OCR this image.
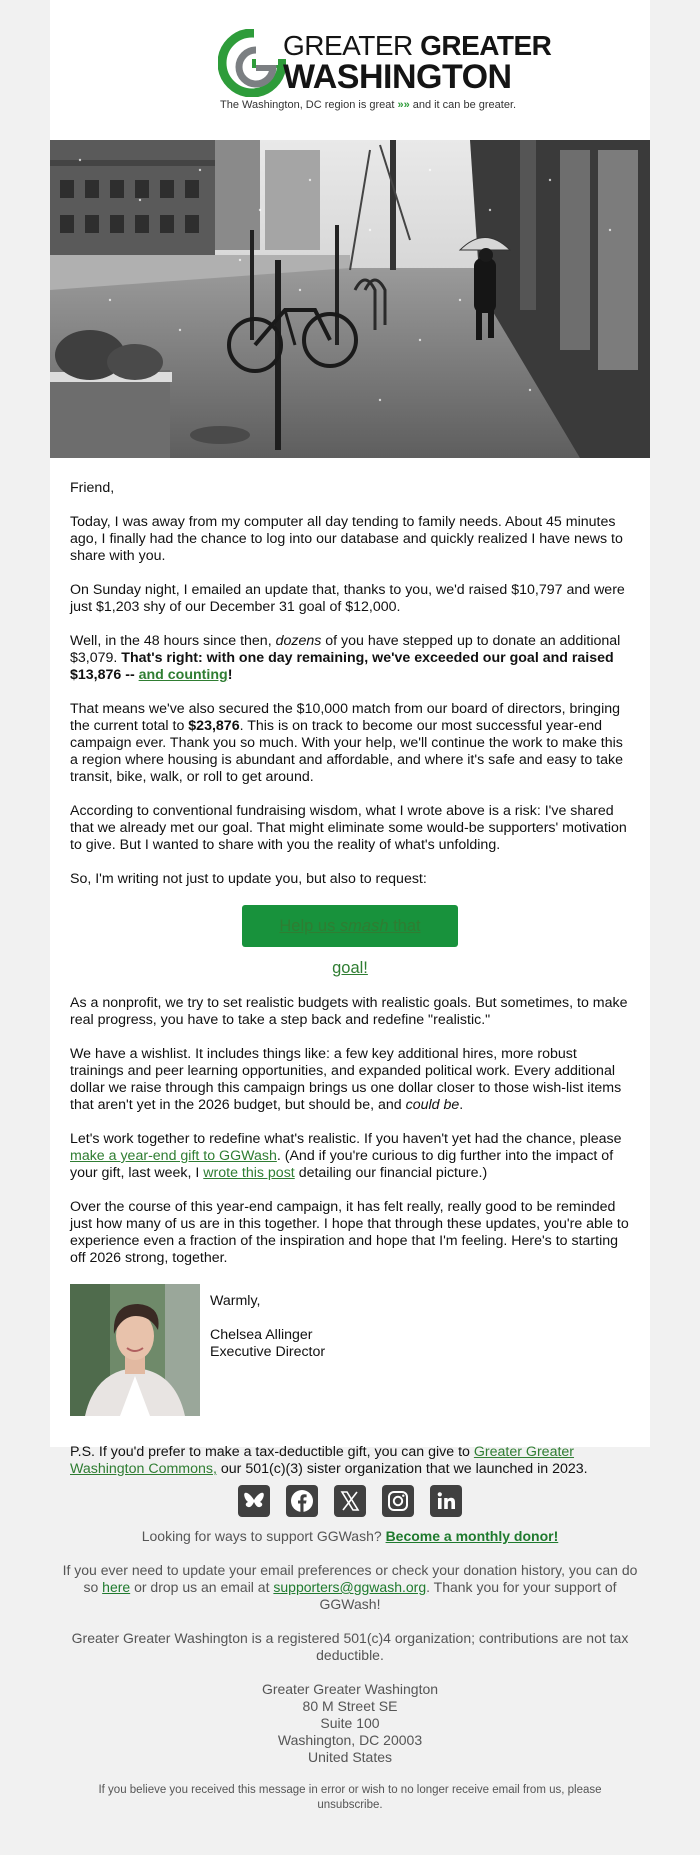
GREATER GREATER
WASHINGTON
The Washington, DC region is great »» and it can be greater.

Friend,

Today, I was away from my computer all day tending to family needs. About 45 minutes ago, I finally had the chance to log into our database and quickly realized I have news to share with you.

On Sunday night, I emailed an update that, thanks to you, we'd raised $10,797 and were just $1,203 shy of our December 31 goal of $12,000.

Well, in the 48 hours since then, dozens of you have stepped up to donate an additional $3,079. That's right: with one day remaining, we've exceeded our goal and raised $13,876 -- and counting!

That means we've also secured the $10,000 match from our board of directors, bringing the current total to $23,876. This is on track to become our most successful year-end campaign ever. Thank you so much. With your help, we'll continue the work to make this a region where housing is abundant and affordable, and where it's safe and easy to take transit, bike, walk, or roll to get around.

According to conventional fundraising wisdom, what I wrote above is a risk: I've shared that we already met our goal. That might eliminate some would-be supporters' motivation to give. But I wanted to share with you the reality of what's unfolding.

So, I'm writing not just to update you, but also to request:

Help us smash that goal!

As a nonprofit, we try to set realistic budgets with realistic goals. But sometimes, to make real progress, you have to take a step back and redefine "realistic."

We have a wishlist. It includes things like: a few key additional hires, more robust trainings and peer learning opportunities, and expanded political work. Every additional dollar we raise through this campaign brings us one dollar closer to those wish-list items that aren't yet in the 2026 budget, but should be, and could be.

Let's work together to redefine what's realistic. If you haven't yet had the chance, please make a year-end gift to GGWash. (And if you're curious to dig further into the impact of your gift, last week, I wrote this post detailing our financial picture.)

Over the course of this year-end campaign, it has felt really, really good to be reminded just how many of us are in this together. I hope that through these updates, you're able to experience even a fraction of the inspiration and hope that I'm feeling. Here's to starting off 2026 strong, together.

Warmly,
Chelsea Allinger
Executive Director

P.S. If you'd prefer to make a tax-deductible gift, you can give to Greater Greater Washington Commons, our 501(c)(3) sister organization that we launched in 2023.

Looking for ways to support GGWash? Become a monthly donor!

If you ever need to update your email preferences or check your donation history, you can do so here or drop us an email at supporters@ggwash.org. Thank you for your support of GGWash!

Greater Greater Washington is a registered 501(c)4 organization; contributions are not tax deductible.

Greater Greater Washington
80 M Street SE
Suite 100
Washington, DC 20003
United States

If you believe you received this message in error or wish to no longer receive email from us, please unsubscribe.
